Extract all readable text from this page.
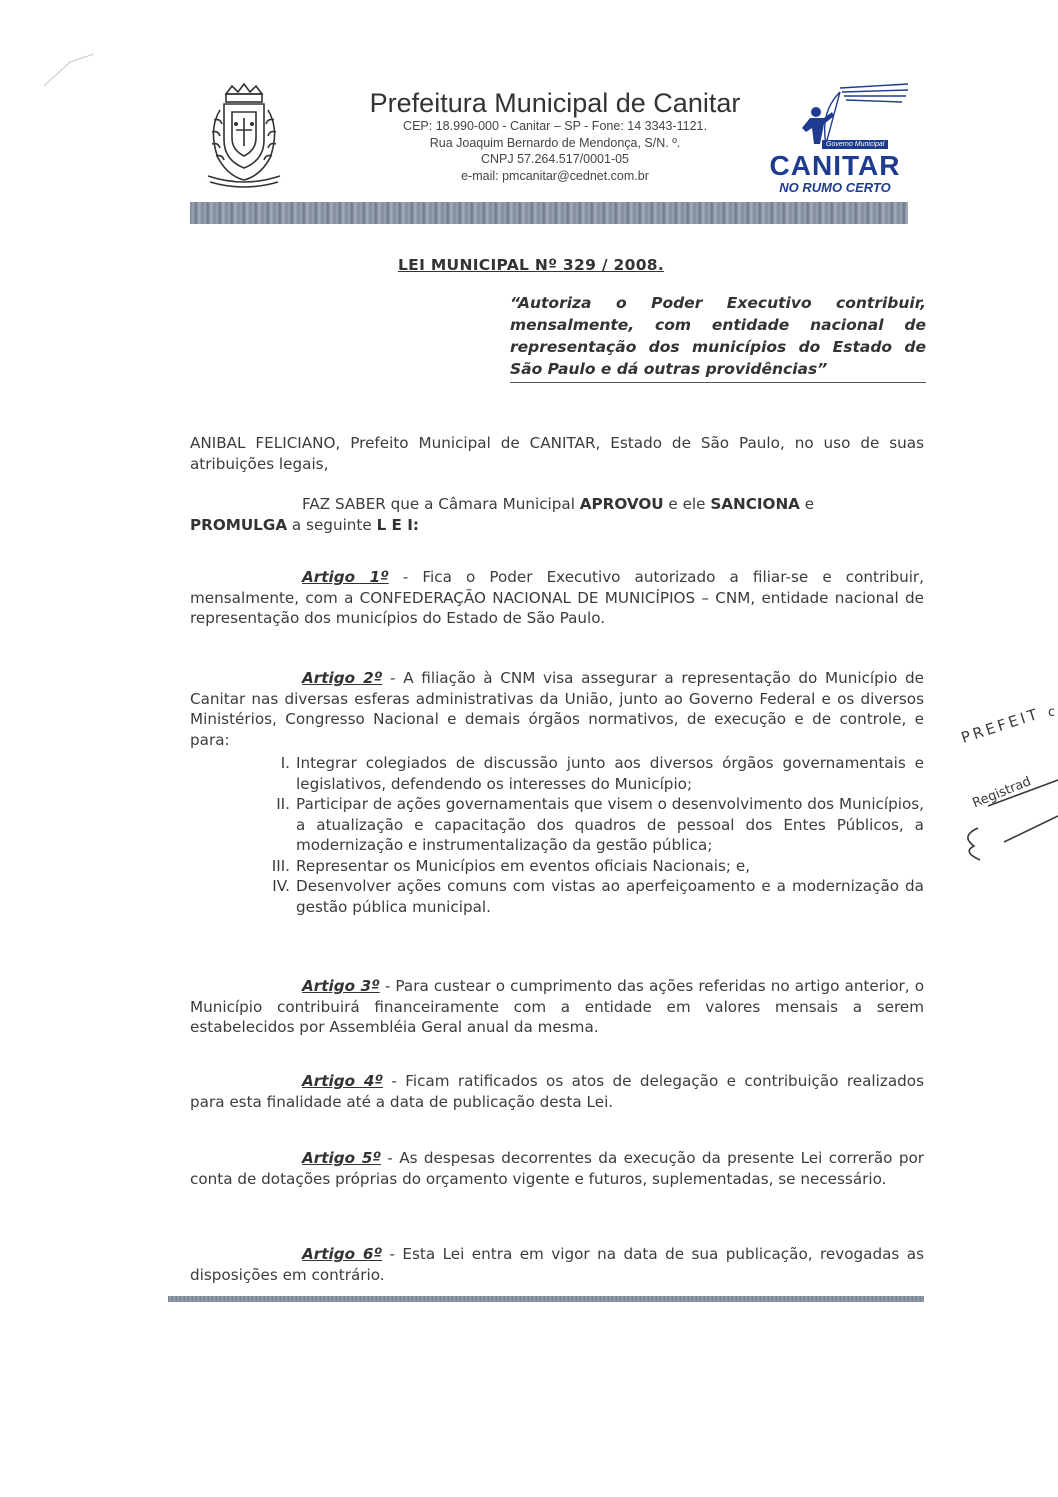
Prefeitura Municipal de Canitar
CEP: 18.990-000 - Canitar – SP - Fone: 14 3343-1121.
Rua Joaquim Bernardo de Mendonça, S/N. º.
CNPJ 57.264.517/0001-05
e-mail: pmcanitar@cednet.com.br
Governo Municipal
CANITAR
NO RUMO CERTO
LEI MUNICIPAL Nº 329 / 2008.
“Autoriza o Poder Executivo contribuir, mensalmente, com entidade nacional de representação dos municípios do Estado de São Paulo e dá outras providências”
ANIBAL FELICIANO, Prefeito Municipal de CANITAR, Estado de São Paulo, no uso de suas atribuições legais,
FAZ SABER que a Câmara Municipal APROVOU e ele SANCIONA e
PROMULGA a seguinte L E I:
Artigo 1º - Fica o Poder Executivo autorizado a filiar-se e contribuir, mensalmente, com a CONFEDERAÇÃO NACIONAL DE MUNICÍPIOS – CNM, entidade nacional de representação dos municípios do Estado de São Paulo.
Artigo 2º - A filiação à CNM visa assegurar a representação do Município de Canitar nas diversas esferas administrativas da União, junto ao Governo Federal e os diversos Ministérios, Congresso Nacional e demais órgãos normativos, de execução e de controle, e para:
I. Integrar colegiados de discussão junto aos diversos órgãos governamentais e legislativos, defendendo os interesses do Município;
II. Participar de ações governamentais que visem o desenvolvimento dos Municípios, a atualização e capacitação dos quadros de pessoal dos Entes Públicos, a modernização e instrumentalização da gestão pública;
III. Representar os Municípios em eventos oficiais Nacionais; e,
IV. Desenvolver ações comuns com vistas ao aperfeiçoamento e a modernização da gestão pública municipal.
Artigo 3º - Para custear o cumprimento das ações referidas no artigo anterior, o Município contribuirá financeiramente com a entidade em valores mensais a serem estabelecidos por Assembléia Geral anual da mesma.
Artigo 4º - Ficam ratificados os atos de delegação e contribuição realizados para esta finalidade até a data de publicação desta Lei.
Artigo 5º - As despesas decorrentes da execução da presente Lei correrão por conta de dotações próprias do orçamento vigente e futuros, suplementadas, se necessário.
Artigo 6º - Esta Lei entra em vigor na data de sua publicação, revogadas as disposições em contrário.
PREFEIT
Registrad
c
